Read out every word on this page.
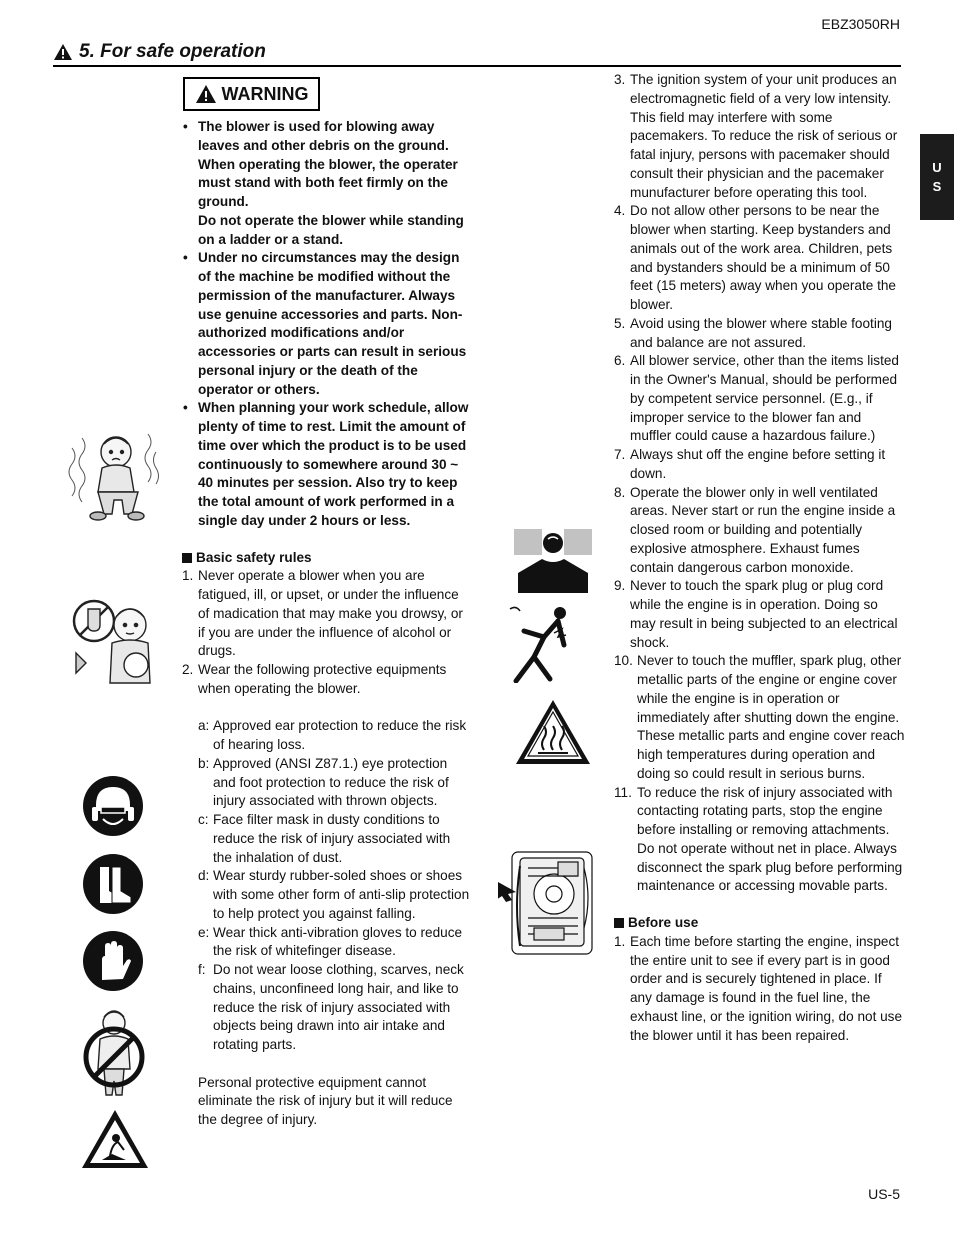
EBZ3050RH
5. For safe operation
U
S
WARNING
• The blower is used for blowing away leaves and other debris on the ground. When operating the blower, the operater must stand with both feet firmly on the ground.
Do not operate the blower while standing on a ladder or a stand.
• Under no circumstances may the design of the machine be modified without the permission of the manufacturer. Always use genuine accessories and parts. Non-authorized modifications and/or accessories or parts can result in serious personal injury or the death of the operator or others.
• When planning your work schedule, allow plenty of time to rest. Limit the amount of time over which the product is to be used continuously to somewhere around 30 ~ 40 minutes per session. Also try to keep the total amount of work performed in a single day under 2 hours or less.
Basic safety rules
1. Never operate a blower when you are fatigued, ill, or upset, or under the influence of madication that may make you drowsy, or if you are under the influence of alcohol or drugs.
2. Wear the following protective equipments when operating the blower.
a: Approved ear protection to reduce the risk of hearing loss.
b: Approved (ANSI Z87.1.) eye protection and foot protection to reduce the risk of injury associated with thrown objects.
c: Face filter mask in dusty conditions to reduce the risk of injury associated with the inhalation of dust.
d: Wear sturdy rubber-soled shoes or shoes with some other form of anti-slip protection to help protect you against falling.
e: Wear thick anti-vibration gloves to reduce the risk of whitefinger disease.
f: Do not wear loose clothing, scarves, neck chains, unconfineed long hair, and like to reduce the risk of injury associated with objects being drawn into air intake and rotating parts.
Personal protective equipment cannot eliminate the risk of injury but it will reduce the degree of injury.
3. The ignition system of your unit produces an electromagnetic field of a very low intensity. This field may interfere with some pacemakers. To reduce the risk of serious or fatal injury, persons with pacemaker should consult their physician and the pacemaker munufacturer before operating this tool.
4. Do not allow other persons to be near the blower when starting. Keep bystanders and animals out of the work area. Children, pets and bystanders should be a minimum of 50 feet (15 meters) away when you operate the blower.
5. Avoid using the blower where stable footing and balance are not assured.
6. All blower service, other than the items listed in the Owner's Manual, should be performed by competent service personnel. (E.g., if improper service to the blower fan and muffler could cause a hazardous failure.)
7. Always shut off the engine before setting it down.
8. Operate the blower only in well ventilated areas. Never start or run the engine inside a closed room or building and potentially explosive atmosphere. Exhaust fumes contain dangerous carbon monoxide.
9. Never to touch the spark plug or plug cord while the engine is in operation. Doing so may result in being subjected to an electrical shock.
10. Never to touch the muffler, spark plug, other metallic parts of the engine or engine cover while the engine is in operation or immediately after shutting down the engine. These metallic parts and engine cover reach high temperatures during operation and doing so could result in serious burns.
11. To reduce the risk of injury associated with contacting rotating parts, stop the engine before installing or removing attachments. Do not operate without net in place. Always disconnect the spark plug before performing maintenance or accessing movable parts.
Before use
1. Each time before starting the engine, inspect the entire unit to see if every part is in good order and is securely tightened in place. If any damage is found in the fuel line, the exhaust line, or the ignition wiring, do not use the blower until it has been repaired.
US-5
